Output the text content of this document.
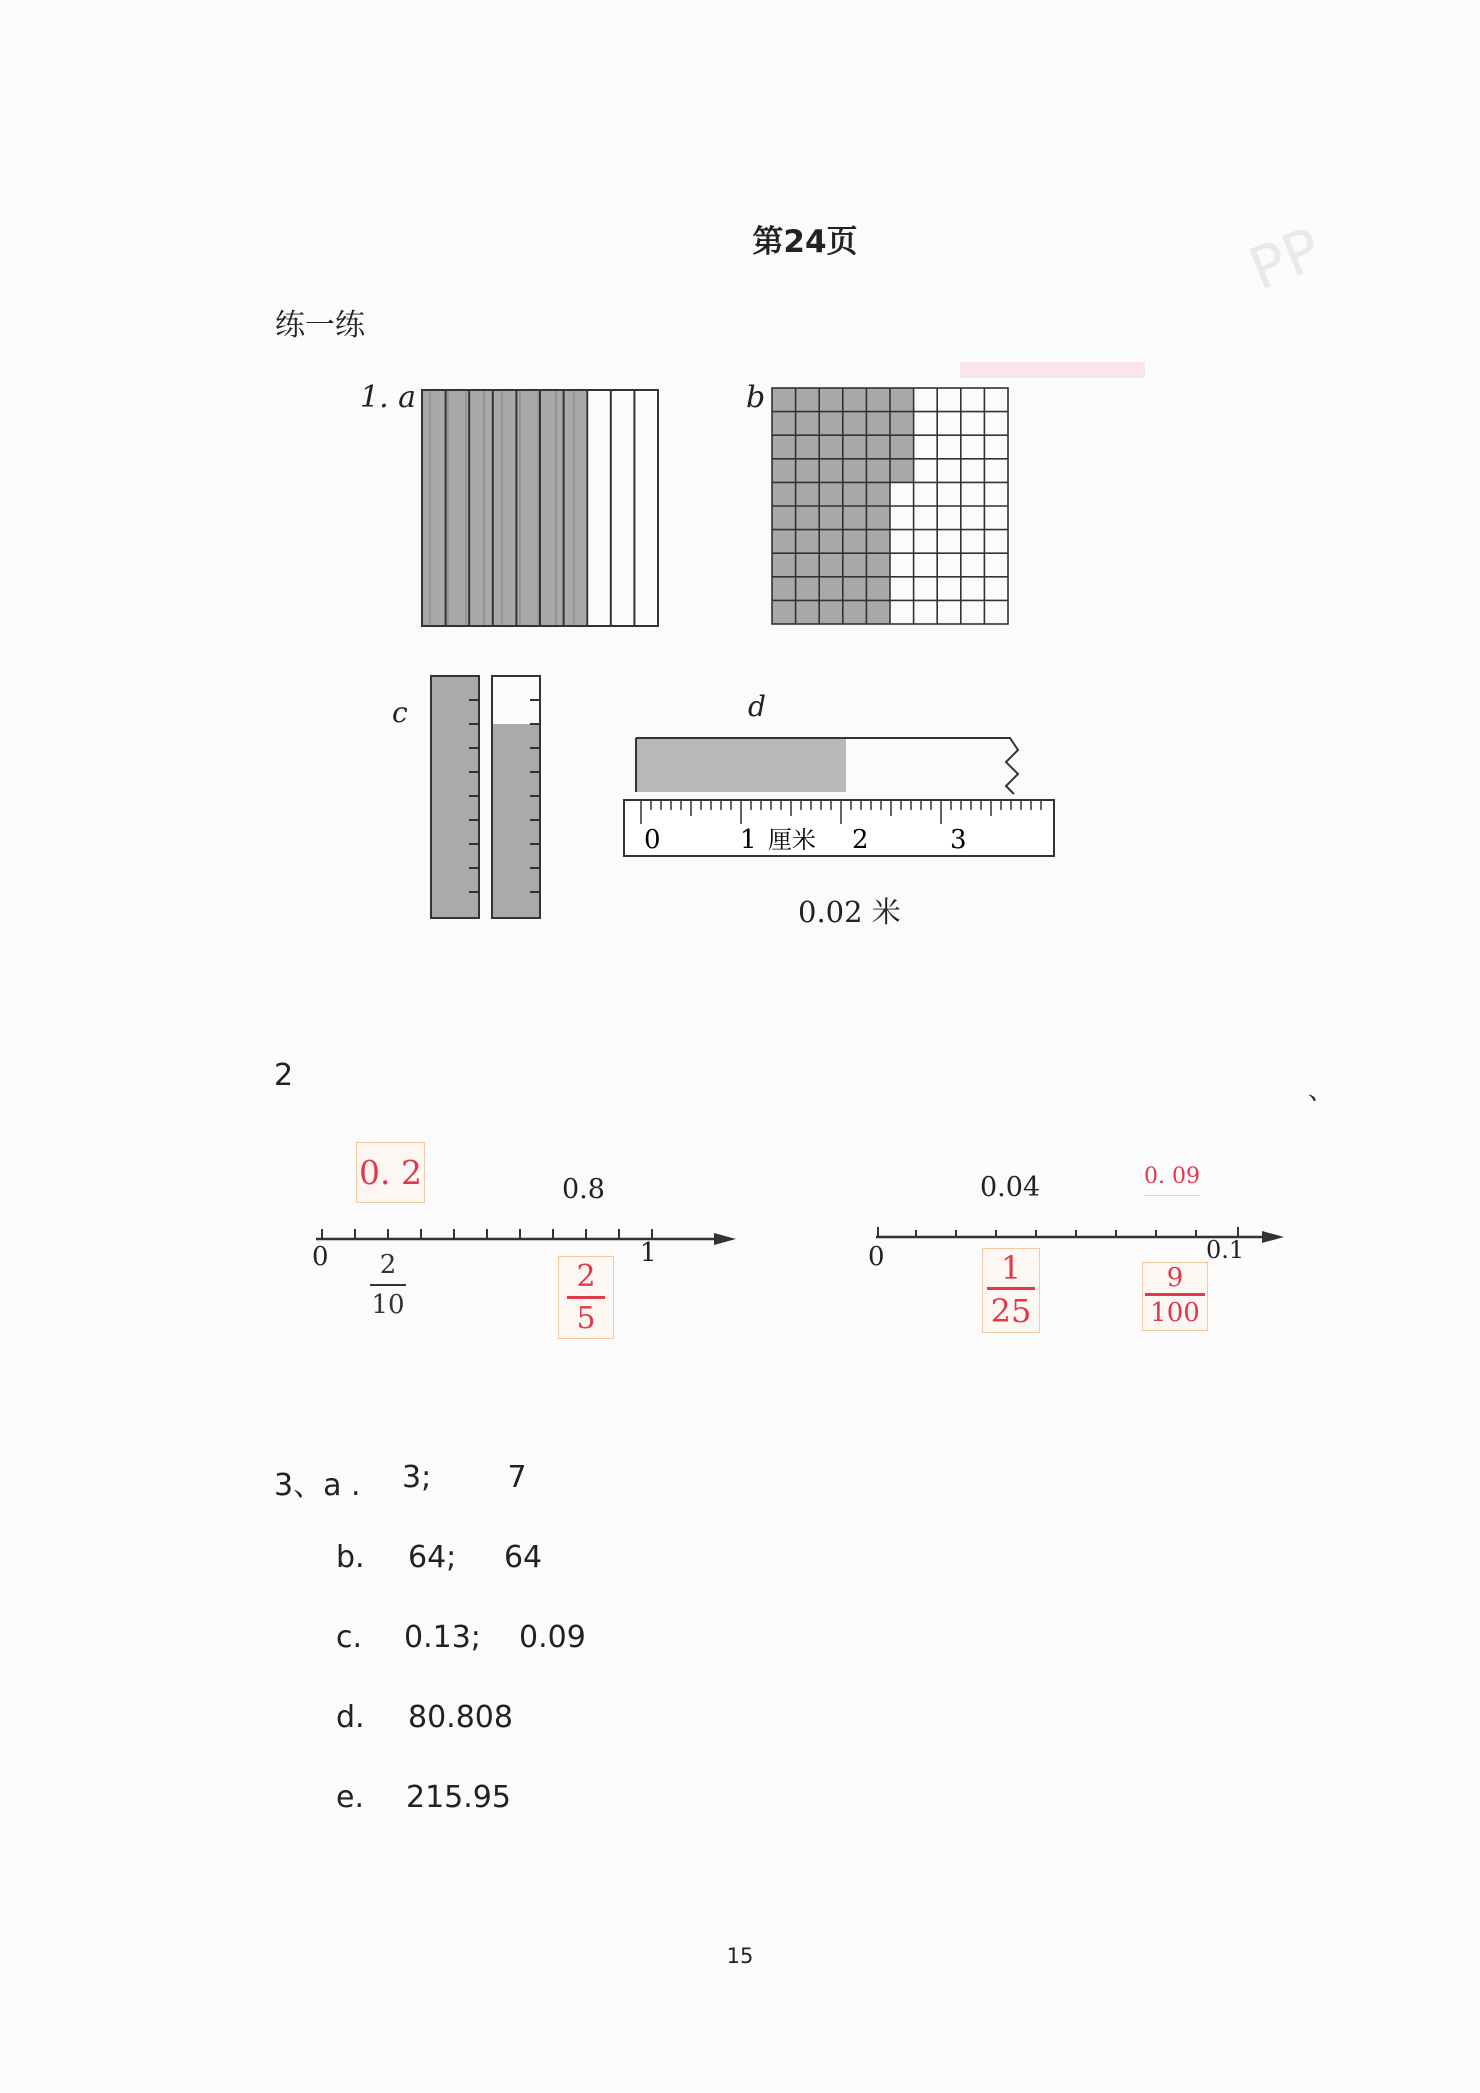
PP
第24页
练一练
1. a	b
c	d
0	1 厘米 2	3
0.02 米
2	、
0	1
0. 2	0.8
2
10
2
5
0	0.1
0.04	0. 09
1
25
9
100
3、a . 3;        7
b. 64;     64
c. 0.13;    0.09
d. 80.808
e. 215.95
15
